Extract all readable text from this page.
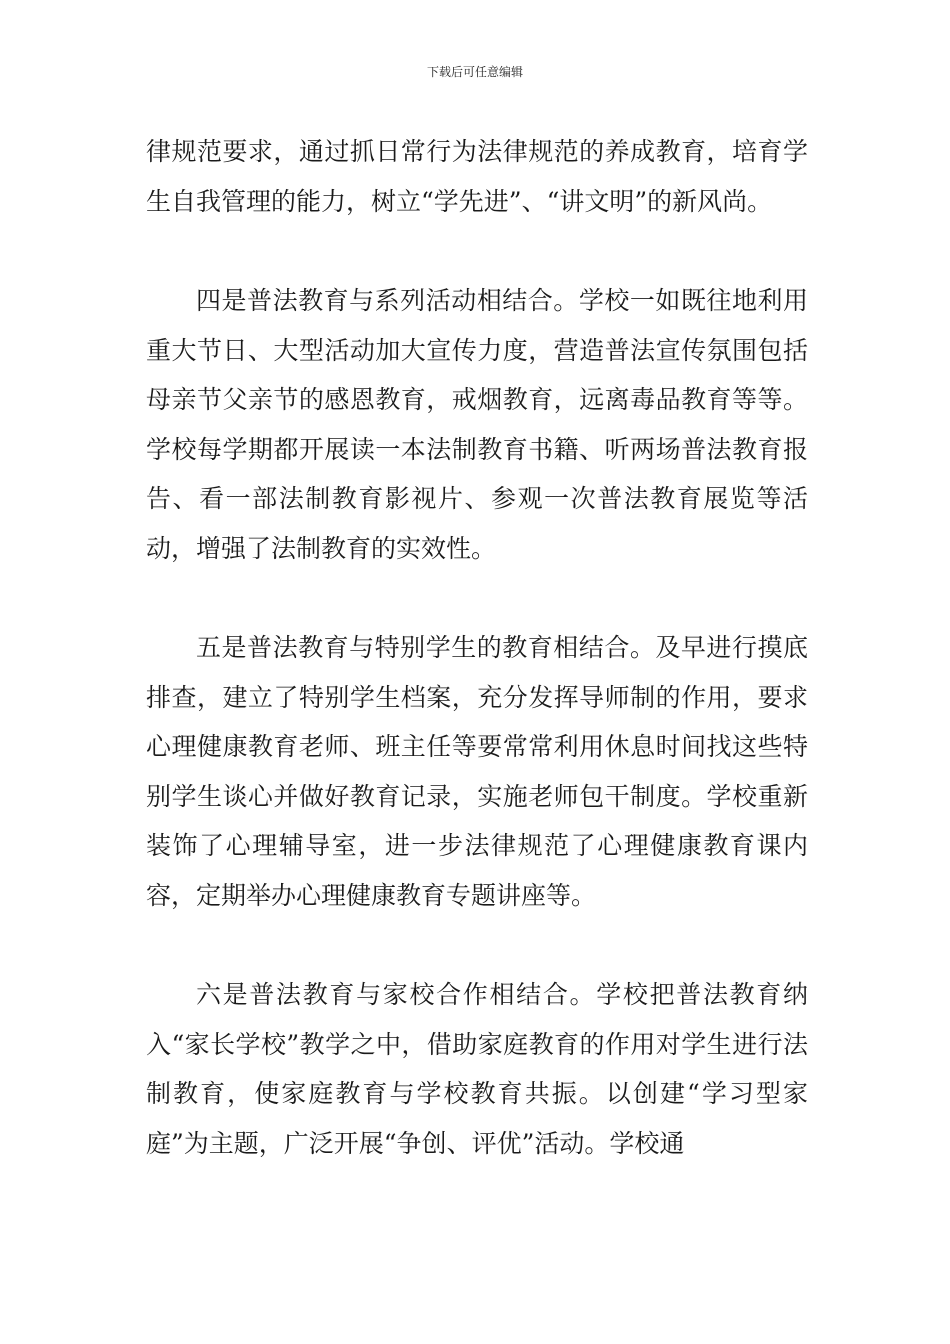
下载后可任意编辑

律规范要求，通过抓日常行为法律规范的养成教育，培育学生自我管理的能力，树立“学先进”、“讲文明”的新风尚。

四是普法教育与系列活动相结合。学校一如既往地利用重大节日、大型活动加大宣传力度，营造普法宣传氛围包括母亲节父亲节的感恩教育，戒烟教育，远离毒品教育等等。学校每学期都开展读一本法制教育书籍、听两场普法教育报告、看一部法制教育影视片、参观一次普法教育展览等活动，增强了法制教育的实效性。

五是普法教育与特别学生的教育相结合。及早进行摸底排查，建立了特别学生档案，充分发挥导师制的作用，要求心理健康教育老师、班主任等要常常利用休息时间找这些特别学生谈心并做好教育记录，实施老师包干制度。学校重新装饰了心理辅导室，进一步法律规范了心理健康教育课内容，定期举办心理健康教育专题讲座等。

六是普法教育与家校合作相结合。学校把普法教育纳入“家长学校”教学之中，借助家庭教育的作用对学生进行法制教育，使家庭教育与学校教育共振。以创建“学习型家庭”为主题，广泛开展“争创、评优”活动。学校通
